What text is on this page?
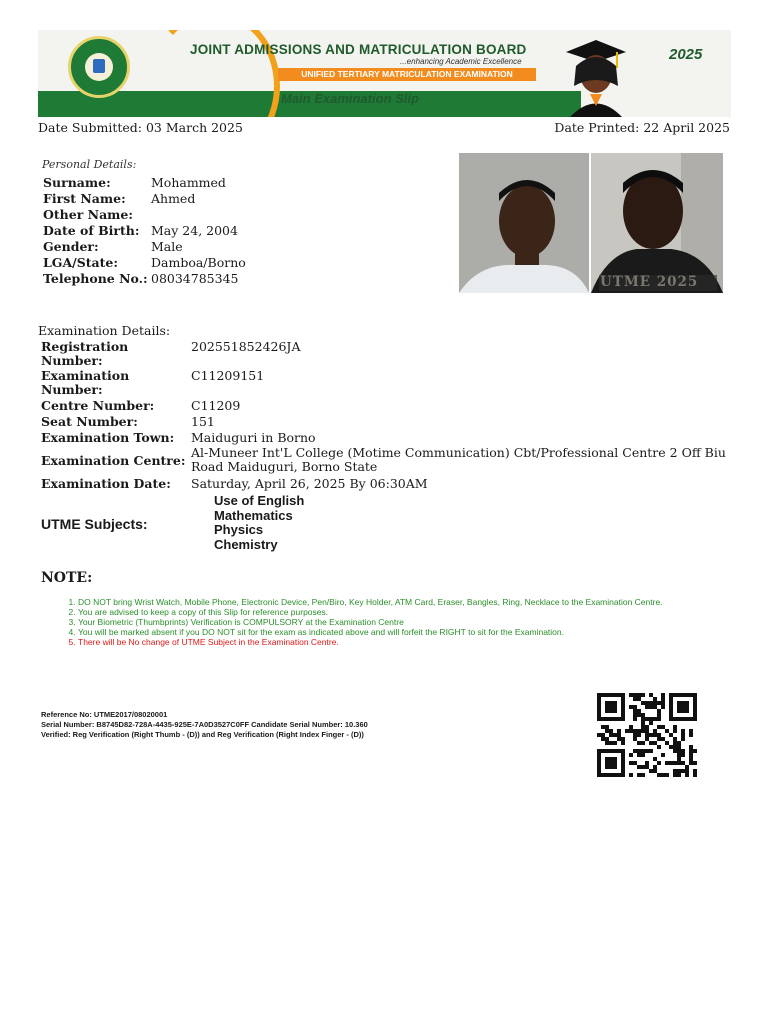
JOINT ADMISSIONS AND MATRICULATION BOARD
...enhancing Academic Excellence
UNIFIED TERTIARY MATRICULATION EXAMINATION
Main Examination Slip
2025
Date Submitted: 03 March 2025	Date Printed: 22 April 2025
Personal Details:
Surname:	Mohammed
First Name:	Ahmed
Other Name:	
Date of Birth:	May 24, 2004
Gender:	Male
LGA/State:	Damboa/Borno
Telephone No.:	08034785345	UTME 2025
Examination Details:
Registration Number:
202551852426JA
Examination Number:
C11209151
Centre Number:	C11209
Seat Number:	151
Examination Town: Maiduguri in Borno
Examination Centre:
Al-Muneer Int'L College (Motime Communication) Cbt/Professional Centre 2 Off Biu Road Maiduguri, Borno State
Examination Date: Saturday, April 26, 2025 By 06:30AM
UTME Subjects:
Use of English
Mathematics
Physics
Chemistry
NOTE:
1. DO NOT bring Wrist Watch, Mobile Phone, Electronic Device, Pen/Biro, Key Holder, ATM Card, Eraser, Bangles, Ring, Necklace to the Examination Centre.
2. You are advised to keep a copy of this Slip for reference purposes.
3. Your Biometric (Thumbprints) Verification is COMPULSORY at the Examination Centre
4. You will be marked absent if you DO NOT sit for the exam as indicated above and will forfeit the RIGHT to sit for the Examination.
5. There will be No change of UTME Subject in the Examination Centre.
Reference No: UTME2017/08020001
Serial Number: B8745D82-728A-4435-925E-7A0D3527C0FF Candidate Serial Number: 10.360
Verified: Reg Verification (Right Thumb - (D)) and Reg Verification (Right Index Finger - (D))
